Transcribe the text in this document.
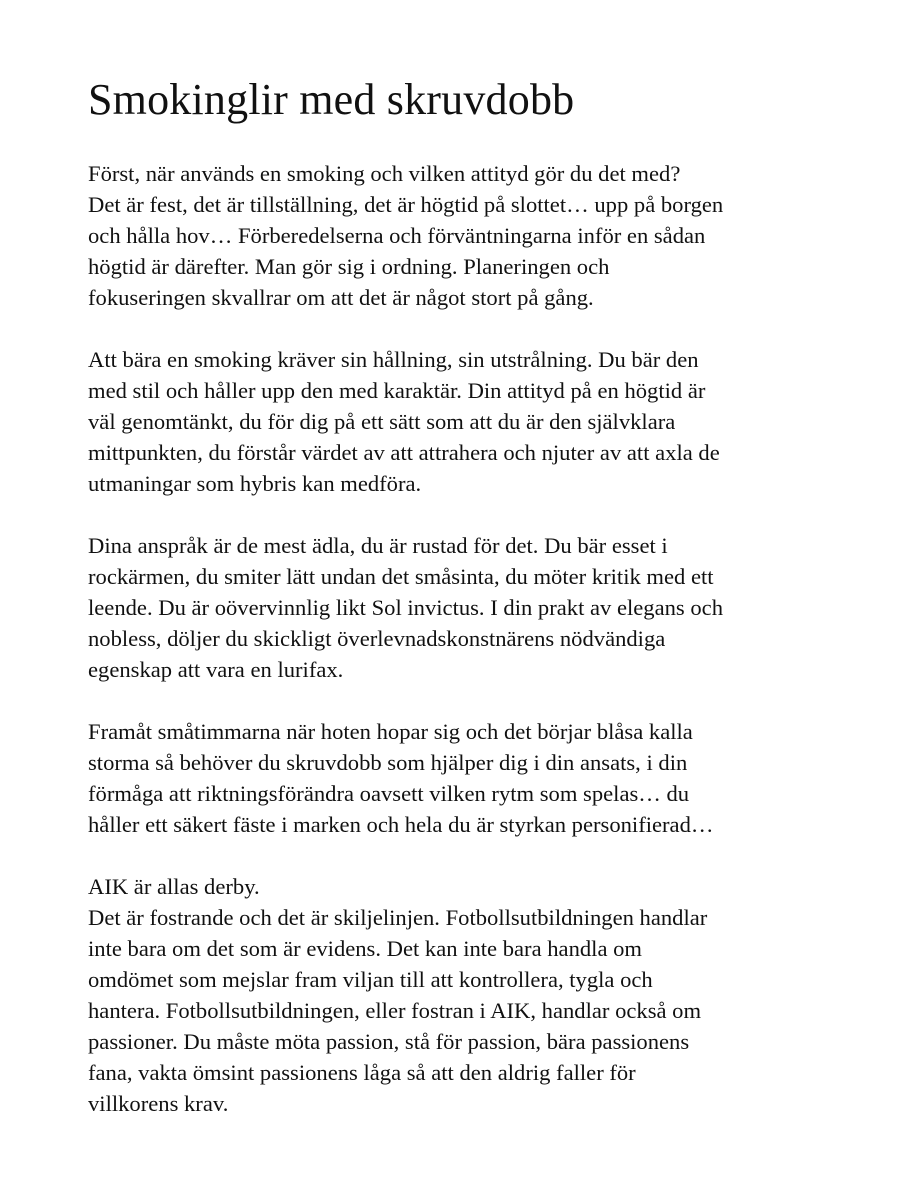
Smokinglir med skruvdobb

Först, när används en smoking och vilken attityd gör du det med?
Det är fest, det är tillställning, det är högtid på slottet… upp på borgen
och hålla hov… Förberedelserna och förväntningarna inför en sådan
högtid är därefter. Man gör sig i ordning. Planeringen och
fokuseringen skvallrar om att det är något stort på gång.

Att bära en smoking kräver sin hållning, sin utstrålning. Du bär den
med stil och håller upp den med karaktär. Din attityd på en högtid är
väl genomtänkt, du för dig på ett sätt som att du är den självklara
mittpunkten, du förstår värdet av att attrahera och njuter av att axla de
utmaningar som hybris kan medföra.

Dina anspråk är de mest ädla, du är rustad för det. Du bär esset i
rockärmen, du smiter lätt undan det småsinta, du möter kritik med ett
leende. Du är oövervinnlig likt Sol invictus. I din prakt av elegans och
nobless, döljer du skickligt överlevnadskonstnärens nödvändiga
egenskap att vara en lurifax.

Framåt småtimmarna när hoten hopar sig och det börjar blåsa kalla
storma så behöver du skruvdobb som hjälper dig i din ansats, i din
förmåga att riktningsförändra oavsett vilken rytm som spelas… du
håller ett säkert fäste i marken och hela du är styrkan personifierad…

AIK är allas derby.
Det är fostrande och det är skiljelinjen. Fotbollsutbildningen handlar
inte bara om det som är evidens. Det kan inte bara handla om
omdömet som mejslar fram viljan till att kontrollera, tygla och
hantera. Fotbollsutbildningen, eller fostran i AIK, handlar också om
passioner. Du måste möta passion, stå för passion, bära passionens
fana, vakta ömsint passionens låga så att den aldrig faller för
villkorens krav.
